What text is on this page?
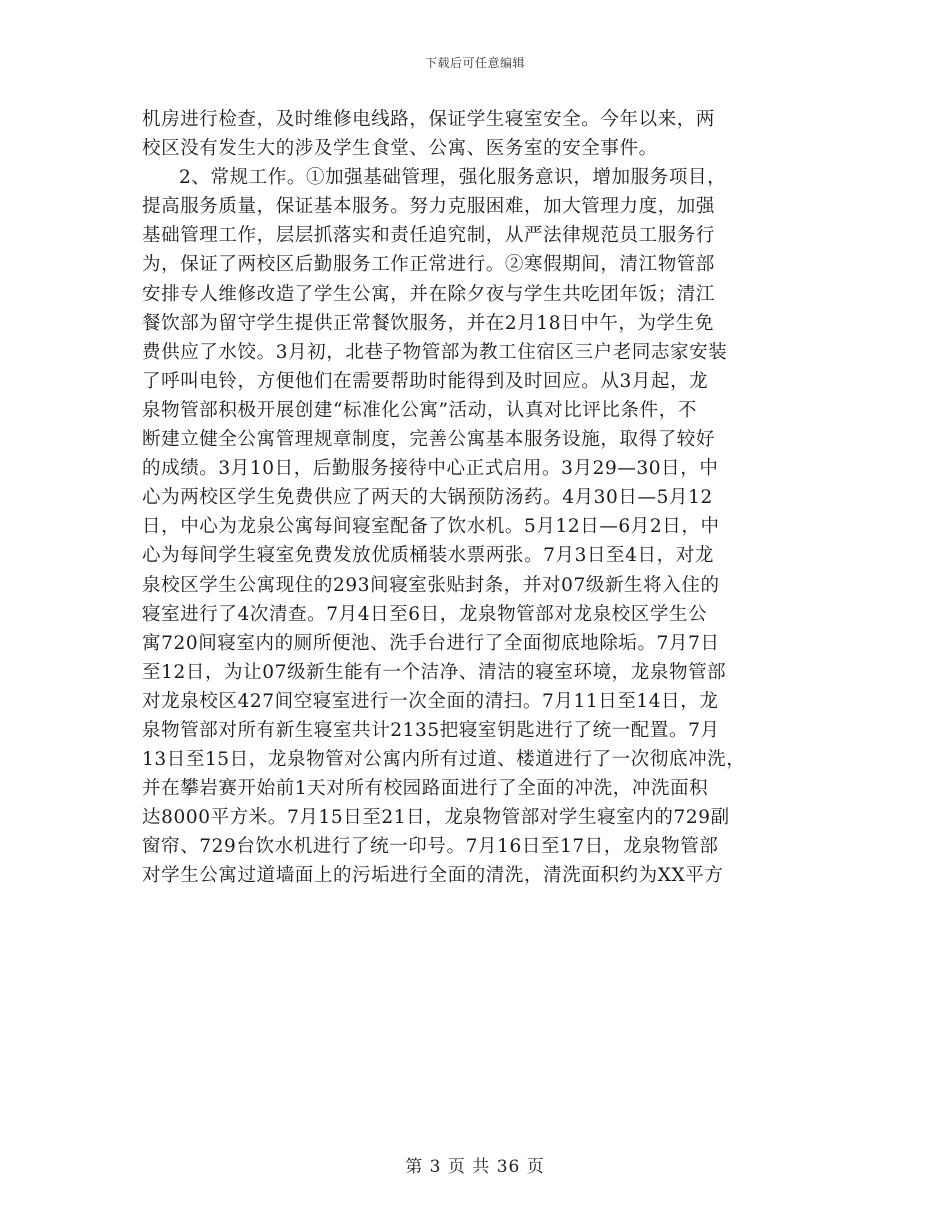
下载后可任意编辑
机房进行检查，及时维修电线路，保证学生寝室安全。今年以来，两
校区没有发生大的涉及学生食堂、公寓、医务室的安全事件。
2、常规工作。①加强基础管理，强化服务意识，增加服务项目，
提高服务质量，保证基本服务。努力克服困难，加大管理力度，加强
基础管理工作，层层抓落实和责任追究制，从严法律规范员工服务行
为，保证了两校区后勤服务工作正常进行。②寒假期间，清江物管部
安排专人维修改造了学生公寓，并在除夕夜与学生共吃团年饭；清江
餐饮部为留守学生提供正常餐饮服务，并在2月18日中午，为学生免
费供应了水饺。3月初，北巷子物管部为教工住宿区三户老同志家安装
了呼叫电铃，方便他们在需要帮助时能得到及时回应。从3月起，龙
泉物管部积极开展创建“标准化公寓”活动，认真对比评比条件，不
断建立健全公寓管理规章制度，完善公寓基本服务设施，取得了较好
的成绩。3月10日，后勤服务接待中心正式启用。3月29—30日，中
心为两校区学生免费供应了两天的大锅预防汤药。4月30日—5月12
日，中心为龙泉公寓每间寝室配备了饮水机。5月12日—6月2日，中
心为每间学生寝室免费发放优质桶装水票两张。7月3日至4日，对龙
泉校区学生公寓现住的293间寝室张贴封条，并对07级新生将入住的
寝室进行了4次清查。7月4日至6日，龙泉物管部对龙泉校区学生公
寓720间寝室内的厕所便池、洗手台进行了全面彻底地除垢。7月7日
至12日，为让07级新生能有一个洁净、清洁的寝室环境，龙泉物管部
对龙泉校区427间空寝室进行一次全面的清扫。7月11日至14日，龙
泉物管部对所有新生寝室共计2135把寝室钥匙进行了统一配置。7月
13日至15日，龙泉物管对公寓内所有过道、楼道进行了一次彻底冲洗，
并在攀岩赛开始前1天对所有校园路面进行了全面的冲洗，冲洗面积
达8000平方米。7月15日至21日，龙泉物管部对学生寝室内的729副
窗帘、729台饮水机进行了统一印号。7月16日至17日，龙泉物管部
对学生公寓过道墙面上的污垢进行全面的清洗，清洗面积约为XX平方
第 3 页 共 36 页
